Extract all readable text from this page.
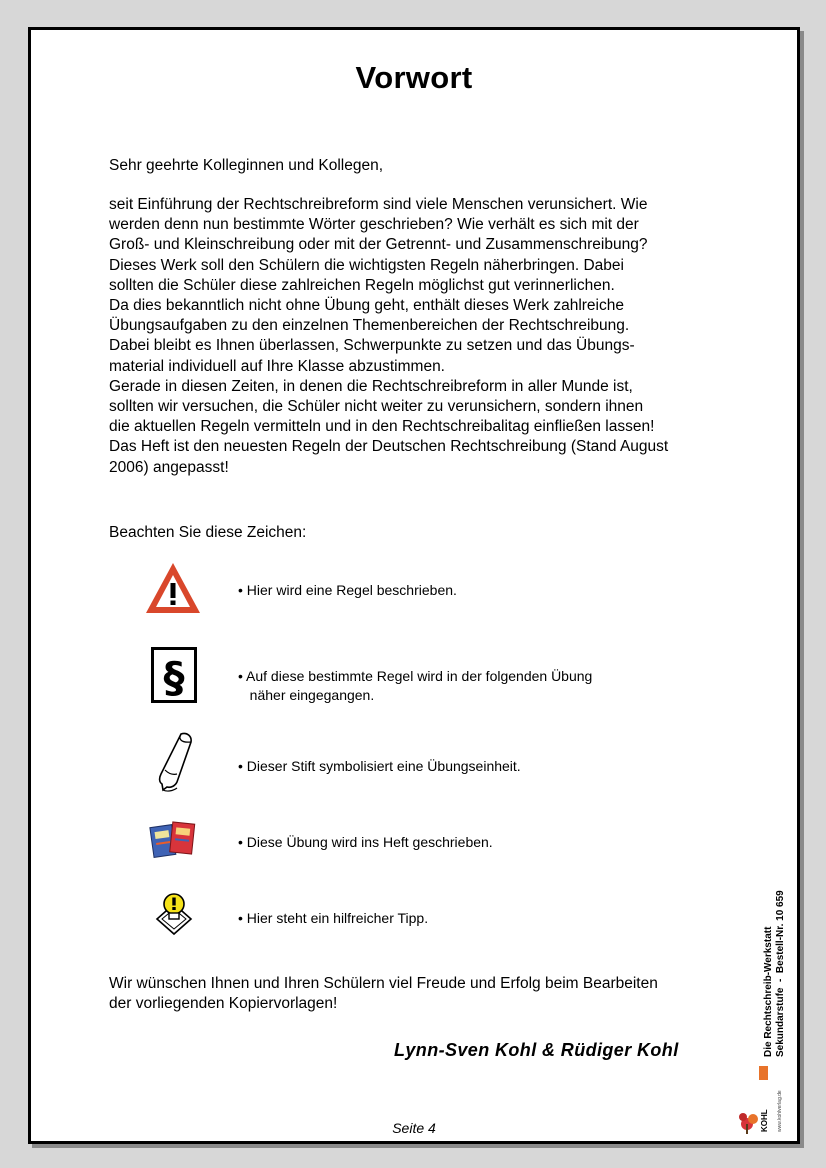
Vorwort
Sehr geehrte Kolleginnen und Kollegen,
seit Einführung der Rechtschreibreform sind viele Menschen verunsichert. Wie
werden denn nun bestimmte Wörter geschrieben? Wie verhält es sich mit der
Groß- und Kleinschreibung oder mit der Getrennt- und Zusammenschreibung?
Dieses Werk soll den Schülern die wichtigsten Regeln näherbringen. Dabei
sollten die Schüler diese zahlreichen Regeln möglichst gut verinnerlichen.
Da dies bekanntlich nicht ohne Übung geht, enthält dieses Werk zahlreiche
Übungsaufgaben zu den einzelnen Themenbereichen der Rechtschreibung.
Dabei bleibt es Ihnen überlassen, Schwerpunkte zu setzen und das Übungs-
material individuell auf Ihre Klasse abzustimmen.
Gerade in diesen Zeiten, in denen die Rechtschreibreform in aller Munde ist,
sollten wir versuchen, die Schüler nicht weiter zu verunsichern, sondern ihnen
die aktuellen Regeln vermitteln und in den Rechtschreibalitag einfließen lassen!
Das Heft ist den neuesten Regeln der Deutschen Rechtschreibung (Stand August
2006) angepasst!
Beachten Sie diese Zeichen:
• Hier wird eine Regel beschrieben.
§	• Auf diese bestimmte Regel wird in der folgenden Übung
näher eingegangen.
• Dieser Stift symbolisiert eine Übungseinheit.
• Diese Übung wird ins Heft geschrieben.
• Hier steht ein hilfreicher Tipp.
Wir wünschen Ihnen und Ihren Schülern viel Freude und Erfolg beim Bearbeiten
der vorliegenden Kopiervorlagen!
Lynn-Sven Kohl & Rüdiger Kohl
Seite 4
Die Rechtschreib-Werkstatt Sekundarstufe  -  Bestell-Nr. 10 659
KOHL
VERLAG www.kohlverlag.de
